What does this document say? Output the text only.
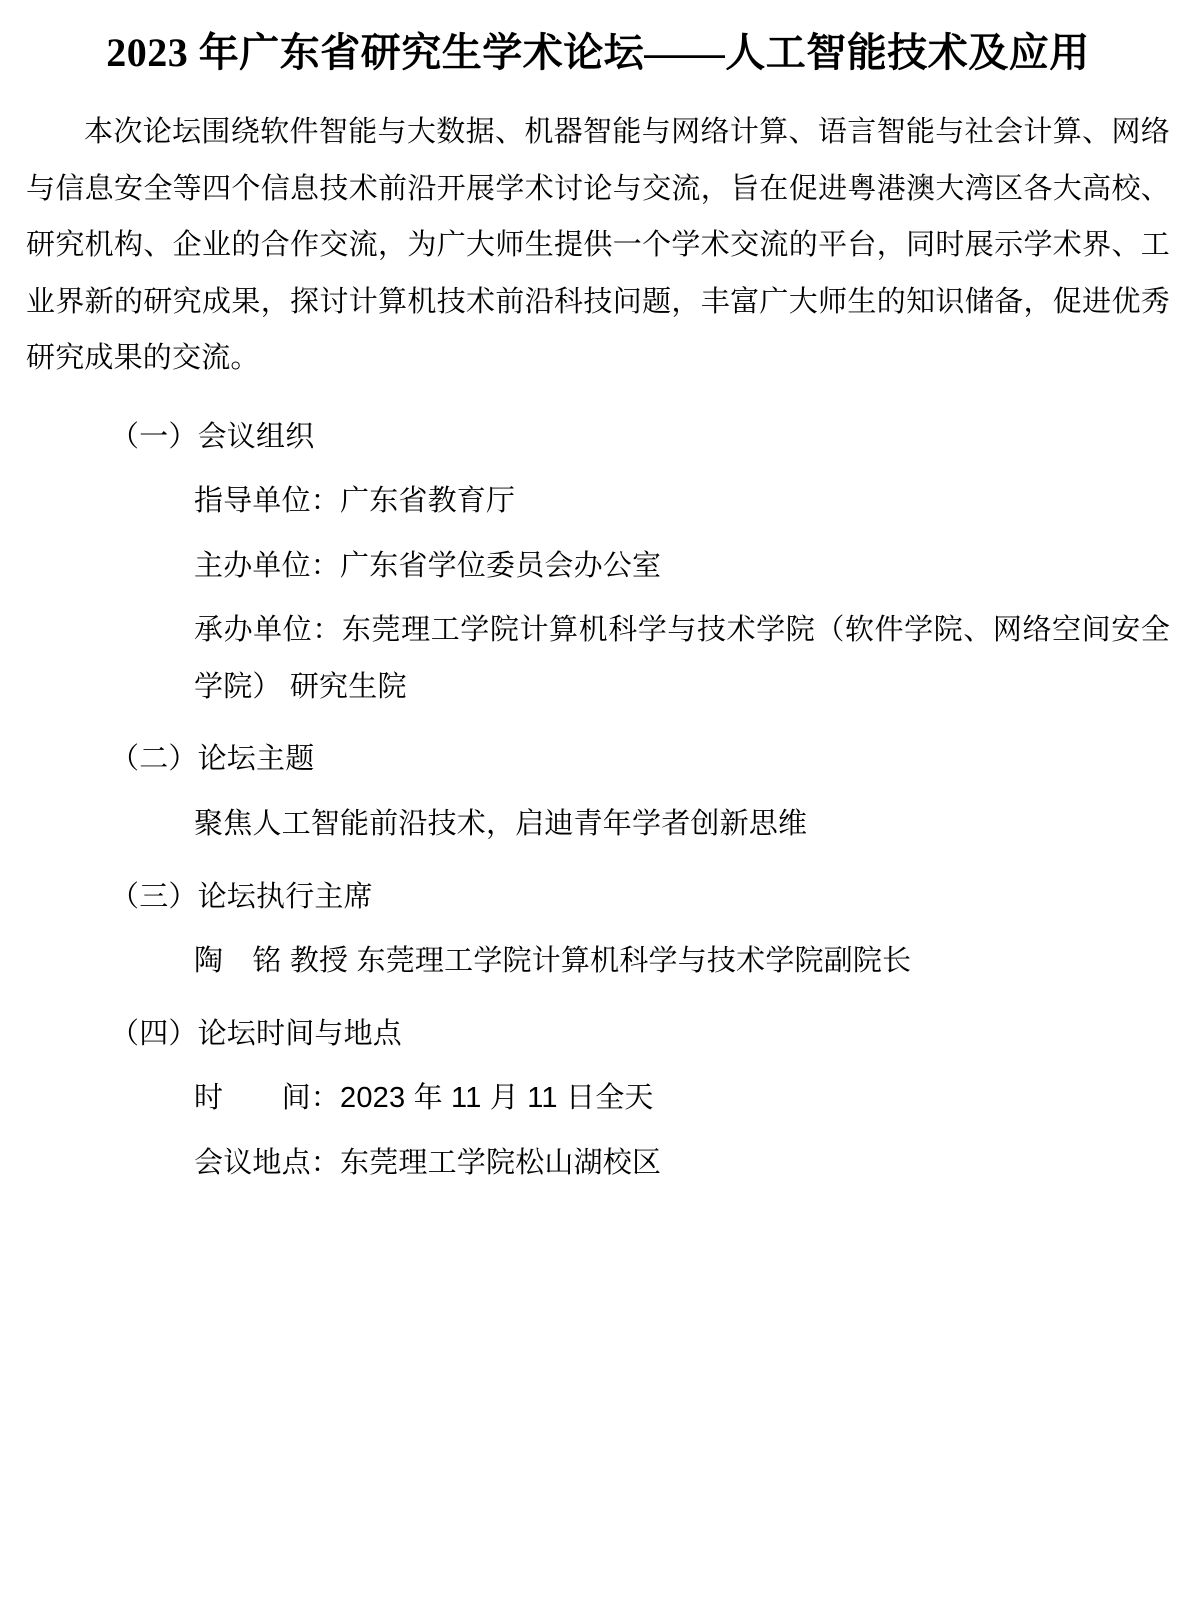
2023 年广东省研究生学术论坛——人工智能技术及应用

本次论坛围绕软件智能与大数据、机器智能与网络计算、语言智能与社会计算、网络与信息安全等四个信息技术前沿开展学术讨论与交流，旨在促进粤港澳大湾区各大高校、研究机构、企业的合作交流，为广大师生提供一个学术交流的平台，同时展示学术界、工业界新的研究成果，探讨计算机技术前沿科技问题，丰富广大师生的知识储备，促进优秀研究成果的交流。

（一）会议组织
指导单位：广东省教育厅
主办单位：广东省学位委员会办公室
承办单位：东莞理工学院计算机科学与技术学院（软件学院、网络空间安全学院） 研究生院
（二）论坛主题
聚焦人工智能前沿技术，启迪青年学者创新思维
（三）论坛执行主席
陶　铭 教授 东莞理工学院计算机科学与技术学院副院长
（四）论坛时间与地点
时　　间：2023 年 11 月 11 日全天
会议地点：东莞理工学院松山湖校区
